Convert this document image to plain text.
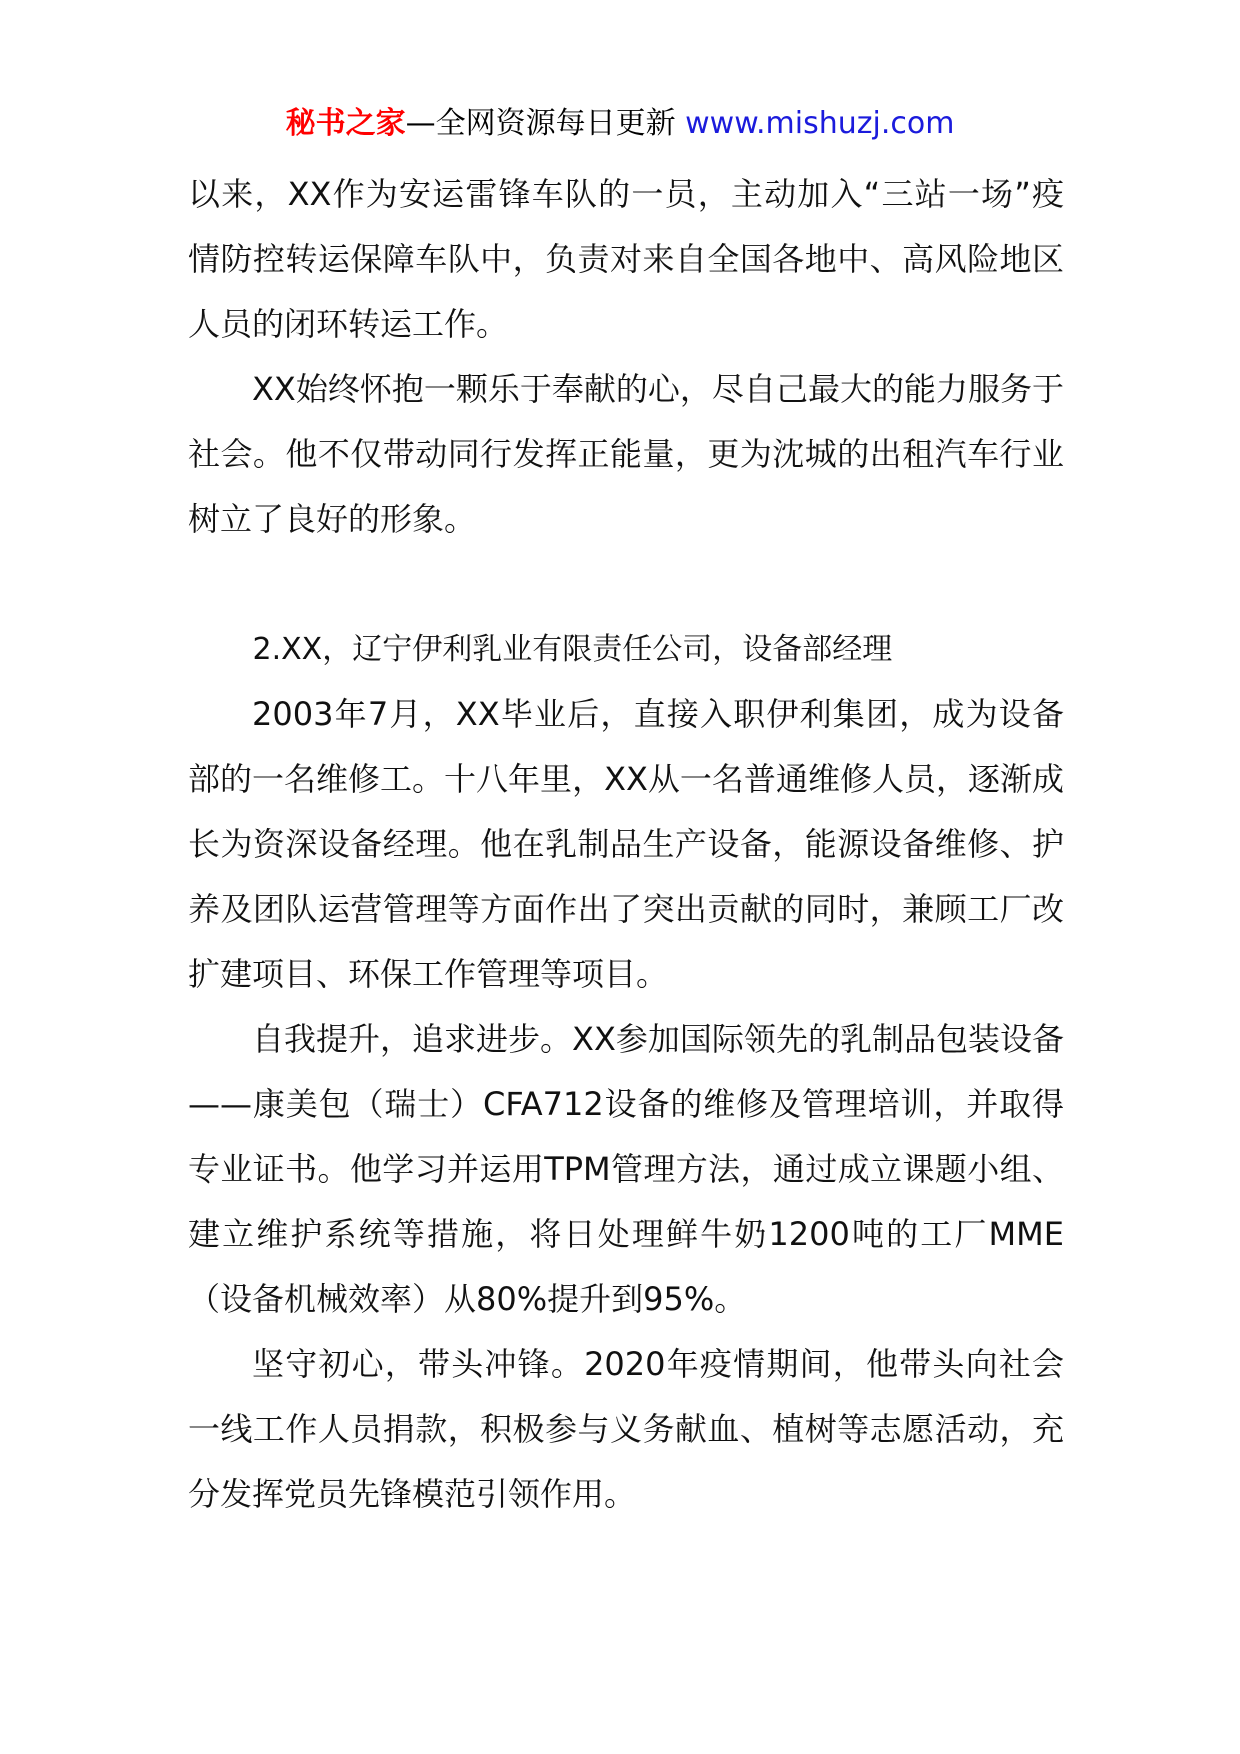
秘书之家—全网资源每日更新 www.mishuzj.com

以来，XX作为安运雷锋车队的一员，主动加入“三站一场”疫情防控转运保障车队中，负责对来自全国各地中、高风险地区人员的闭环转运工作。

XX始终怀抱一颗乐于奉献的心，尽自己最大的能力服务于社会。他不仅带动同行发挥正能量，更为沈城的出租汽车行业树立了良好的形象。

2.XX，辽宁伊利乳业有限责任公司，设备部经理

2003年7月，XX毕业后，直接入职伊利集团，成为设备部的一名维修工。十八年里，XX从一名普通维修人员，逐渐成长为资深设备经理。他在乳制品生产设备，能源设备维修、护养及团队运营管理等方面作出了突出贡献的同时，兼顾工厂改扩建项目、环保工作管理等项目。

自我提升，追求进步。XX参加国际领先的乳制品包装设备——康美包（瑞士）CFA712设备的维修及管理培训，并取得专业证书。他学习并运用TPM管理方法，通过成立课题小组、建立维护系统等措施，将日处理鲜牛奶1200吨的工厂MME（设备机械效率）从80%提升到95%。

坚守初心，带头冲锋。2020年疫情期间，他带头向社会一线工作人员捐款，积极参与义务献血、植树等志愿活动，充分发挥党员先锋模范引领作用。
